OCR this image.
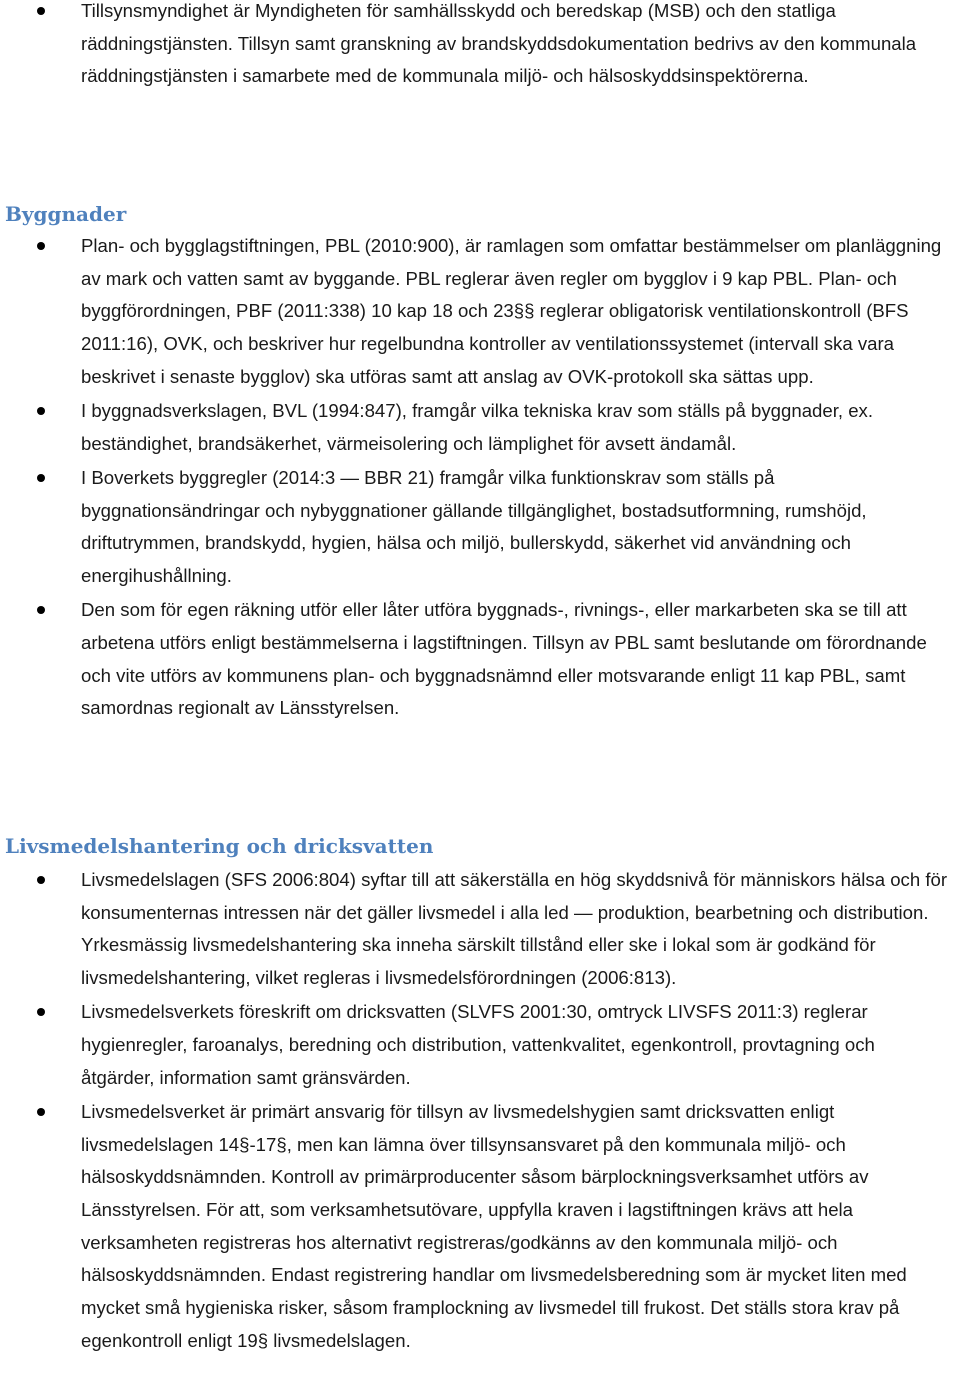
Tillsynsmyndighet är Myndigheten för samhällsskydd och beredskap (MSB) och den statliga räddningstjänsten. Tillsyn samt granskning av brandskyddsdokumentation bedrivs av den kommunala räddningstjänsten i samarbete med de kommunala miljö- och hälsoskyddsinspektörerna.
Byggnader
Plan- och bygglagstiftningen, PBL (2010:900), är ramlagen som omfattar bestämmelser om planläggning av mark och vatten samt av byggande. PBL reglerar även regler om bygglov i 9 kap PBL. Plan- och byggförordningen, PBF (2011:338) 10 kap 18 och 23§§ reglerar obligatorisk ventilationskontroll (BFS 2011:16), OVK, och beskriver hur regelbundna kontroller av ventilationssystemet (intervall ska vara beskrivet i senaste bygglov) ska utföras samt att anslag av OVK-protokoll ska sättas upp.
I byggnadsverkslagen, BVL (1994:847), framgår vilka tekniska krav som ställs på byggnader, ex. beständighet, brandsäkerhet, värmeisolering och lämplighet för avsett ändamål.
I Boverkets byggregler (2014:3 — BBR 21) framgår vilka funktionskrav som ställs på byggnationsändringar och nybyggnationer gällande tillgänglighet, bostadsutformning, rumshöjd, driftutrymmen, brandskydd, hygien, hälsa och miljö, bullerskydd, säkerhet vid användning och energihushållning.
Den som för egen räkning utför eller låter utföra byggnads-, rivnings-, eller markarbeten ska se till att arbetena utförs enligt bestämmelserna i lagstiftningen. Tillsyn av PBL samt beslutande om förordnande och vite utförs av kommunens plan- och byggnadsnämnd eller motsvarande enligt 11 kap PBL, samt samordnas regionalt av Länsstyrelsen.
Livsmedelshantering och dricksvatten
Livsmedelslagen (SFS 2006:804) syftar till att säkerställa en hög skyddsnivå för människors hälsa och för konsumenternas intressen när det gäller livsmedel i alla led — produktion, bearbetning och distribution. Yrkesmässig livsmedelshantering ska inneha särskilt tillstånd eller ske i lokal som är godkänd för livsmedelshantering, vilket regleras i livsmedelsförordningen (2006:813).
Livsmedelsverkets föreskrift om dricksvatten (SLVFS 2001:30, omtryck LIVSFS 2011:3) reglerar hygienregler, faroanalys, beredning och distribution, vattenkvalitet, egenkontroll, provtagning och åtgärder, information samt gränsvärden.
Livsmedelsverket är primärt ansvarig för tillsyn av livsmedelshygien samt dricksvatten enligt livsmedelslagen 14§-17§, men kan lämna över tillsynsansvaret på den kommunala miljö- och hälsoskyddsnämnden. Kontroll av primärproducenter såsom bärplockningsverksamhet utförs av Länsstyrelsen. För att, som verksamhetsutövare, uppfylla kraven i lagstiftningen krävs att hela verksamheten registreras hos alternativt registreras/godkänns av den kommunala miljö- och hälsoskyddsnämnden. Endast registrering handlar om livsmedelsberedning som är mycket liten med mycket små hygieniska risker, såsom framplockning av livsmedel till frukost. Det ställs stora krav på egenkontroll enligt 19§ livsmedelslagen.
